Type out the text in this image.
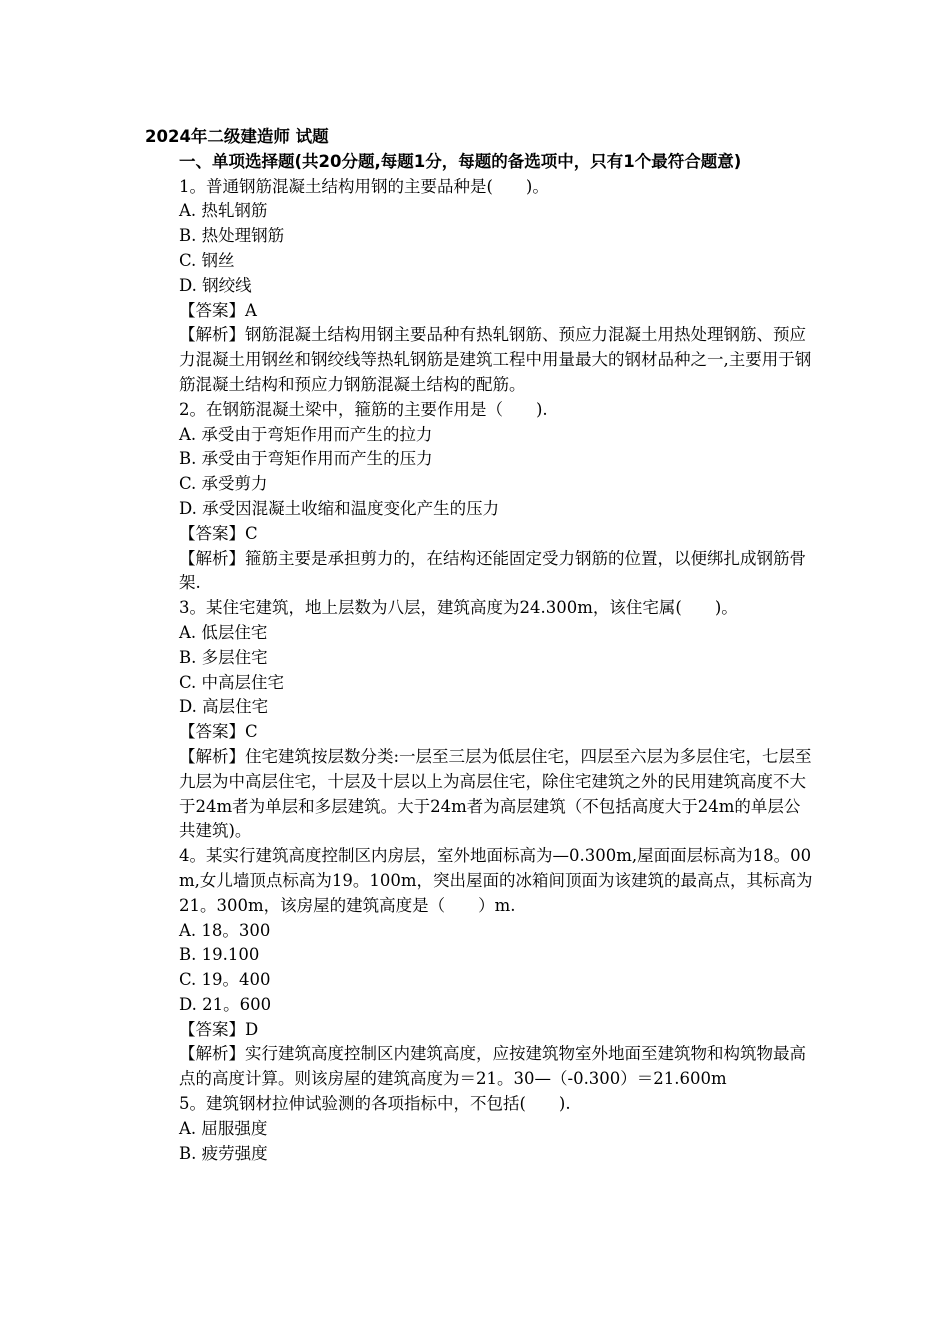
2024年二级建造师 试题
一、单项选择题(共20分题,每题1分，每题的备选项中，只有1个最符合题意)
1。普通钢筋混凝土结构用钢的主要品种是(　　)。
A. 热轧钢筋
B. 热处理钢筋
C. 钢丝
D. 钢绞线
【答案】A
【解析】钢筋混凝土结构用钢主要品种有热轧钢筋、预应力混凝土用热处理钢筋、预应力混凝土用钢丝和钢绞线等热轧钢筋是建筑工程中用量最大的钢材品种之一,主要用于钢筋混凝土结构和预应力钢筋混凝土结构的配筋。
2。在钢筋混凝土梁中，箍筋的主要作用是（　　).
A. 承受由于弯矩作用而产生的拉力
B. 承受由于弯矩作用而产生的压力
C. 承受剪力
D. 承受因混凝土收缩和温度变化产生的压力
【答案】C
【解析】箍筋主要是承担剪力的，在结构还能固定受力钢筋的位置，以便绑扎成钢筋骨架.
3。某住宅建筑，地上层数为八层，建筑高度为24.300m，该住宅属(　　)。
A. 低层住宅
B. 多层住宅
C. 中高层住宅
D. 高层住宅
【答案】C
【解析】住宅建筑按层数分类:一层至三层为低层住宅，四层至六层为多层住宅，七层至九层为中高层住宅，十层及十层以上为高层住宅，除住宅建筑之外的民用建筑高度不大于24m者为单层和多层建筑。大于24m者为高层建筑（不包括高度大于24m的单层公共建筑)。
4。某实行建筑高度控制区内房层，室外地面标高为—0.300m,屋面面层标高为18。00m,女儿墙顶点标高为19。100m，突出屋面的冰箱间顶面为该建筑的最高点，其标高为21。300m，该房屋的建筑高度是（　　）m.
A. 18。300
B. 19.100
C. 19。400
D. 21。600
【答案】D
【解析】实行建筑高度控制区内建筑高度，应按建筑物室外地面至建筑物和构筑物最高点的高度计算。则该房屋的建筑高度为＝21。30—（-0.300）＝21.600m
5。建筑钢材拉伸试验测的各项指标中，不包括(　　).
A. 屈服强度
B. 疲劳强度
